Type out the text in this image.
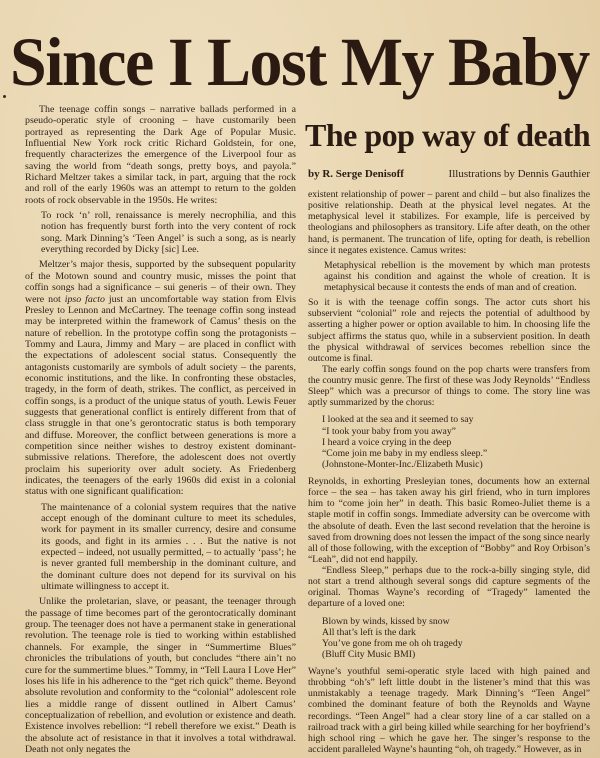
Since I Lost My Baby

The teenage coffin songs – narrative ballads performed in a pseudo-operatic style of crooning – have customarily been portrayed as representing the Dark Age of Popular Music. Influential New York rock critic Richard Goldstein, for one, frequently characterizes the emergence of the Liverpool four as saving the world from “death songs, pretty boys, and payola.” Richard Meltzer takes a similar tack, in part, arguing that the rock and roll of the early 1960s was an attempt to return to the golden roots of rock observable in the 1950s. He writes:

To rock ‘n’ roll, renaissance is merely necrophilia, and this notion has frequently burst forth into the very content of rock song. Mark Dinning’s ‘Teen Angel’ is such a song, as is nearly everything recorded by Dicky [sic] Lee.

Meltzer’s major thesis, supported by the subsequent popularity of the Motown sound and country music, misses the point that coffin songs had a significance – sui generis – of their own. They were not ipso facto just an uncomfortable way station from Elvis Presley to Lennon and McCartney. The teenage coffin song instead may be interpreted within the framework of Camus’ thesis on the nature of rebellion. In the prototype coffin song the protagonists – Tommy and Laura, Jimmy and Mary – are placed in conflict with the expectations of adolescent social status. Consequently the antagonists customarily are symbols of adult society – the parents, economic institutions, and the like. In confronting these obstacles, tragedy, in the form of death, strikes. The conflict, as perceived in coffin songs, is a product of the unique status of youth. Lewis Feuer suggests that generational conflict is entirely different from that of class struggle in that one’s gerontocratic status is both temporary and diffuse. Moreover, the conflict between generations is more a competition since neither wishes to destroy existent dominant-submissive relations. Therefore, the adolescent does not overtly proclaim his superiority over adult society. As Friedenberg indicates, the teenagers of the early 1960s did exist in a colonial status with one significant qualification:

The maintenance of a colonial system requires that the native accept enough of the dominant culture to meet its schedules, work for payment in its smaller currency, desire and consume its goods, and fight in its armies . . . But the native is not expected – indeed, not usually permitted, – to actually ‘pass’; he is never granted full membership in the dominant culture, and the dominant culture does not depend for its survival on his ultimate willingness to accept it.

Unlike the proletarian, slave, or peasant, the teenager through the passage of time becomes part of the gerontocratically dominant group. The teenager does not have a permanent stake in generational revolution. The teenage role is tied to working within established channels. For example, the singer in “Summertime Blues” chronicles the tribulations of youth, but concludes “there ain’t no cure for the summertime blues.” Tommy, in “Tell Laura I Love Her” loses his life in his adherence to the “get rich quick” theme. Beyond absolute revolution and conformity to the “colonial” adolescent role lies a middle range of dissent outlined in Albert Camus’ conceptualization of rebellion, and evolution or existence and death. Existence involves rebellion: “I rebell therefore we exist.” Death is the absolute act of resistance in that it involves a total withdrawal. Death not only negates the

The pop way of death
by R. Serge Denisoff	Illustrations by Dennis Gauthier

existent relationship of power – parent and child – but also finalizes the positive relationship. Death at the physical level negates. At the metaphysical level it stabilizes. For example, life is perceived by theologians and philosophers as transitory. Life after death, on the other hand, is permanent. The truncation of life, opting for death, is rebellion since it negates existence. Camus writes:

Metaphysical rebellion is the movement by which man protests against his condition and against the whole of creation. It is metaphysical because it contests the ends of man and of creation.

So it is with the teenage coffin songs. The actor cuts short his subservient “colonial” role and rejects the potential of adulthood by asserting a higher power or option available to him. In choosing life the subject affirms the status quo, while in a subservient position. In death the physical withdrawal of services becomes rebellion since the outcome is final.

The early coffin songs found on the pop charts were transfers from the country music genre. The first of these was Jody Reynolds’ “Endless Sleep” which was a precursor of things to come. The story line was aptly summarized by the chorus:

I looked at the sea and it seemed to say
“I took your baby from you away”
I heard a voice crying in the deep
“Come join me baby in my endless sleep.”
(Johnstone-Monter-Inc./Elizabeth Music)

Reynolds, in exhorting Presleyian tones, documents how an external force – the sea – has taken away his girl friend, who in turn implores him to “come join her” in death. This basic Romeo-Juliet theme is a staple motif in coffin songs. Immediate adversity can be overcome with the absolute of death. Even the last second revelation that the heroine is saved from drowning does not lessen the impact of the song since nearly all of those following, with the exception of “Bobby” and Roy Orbison’s “Leah”, did not end happily.

“Endless Sleep,” perhaps due to the rock-a-billy singing style, did not start a trend although several songs did capture segments of the original. Thomas Wayne’s recording of “Tragedy” lamented the departure of a loved one:

Blown by winds, kissed by snow
All that’s left is the dark
You’ve gone from me oh oh tragedy
(Bluff City Music BMI)

Wayne’s youthful semi-operatic style laced with high pained and throbbing “oh’s” left little doubt in the listener’s mind that this was unmistakably a teenage tragedy. Mark Dinning’s “Teen Angel” combined the dominant feature of both the Reynolds and Wayne recordings. “Teen Angel” had a clear story line of a car stalled on a railroad track with a girl being killed while searching for her boyfriend’s high school ring – which he gave her. The singer’s response to the accident paralleled Wayne’s haunting “oh, oh tragedy.” However, as in
